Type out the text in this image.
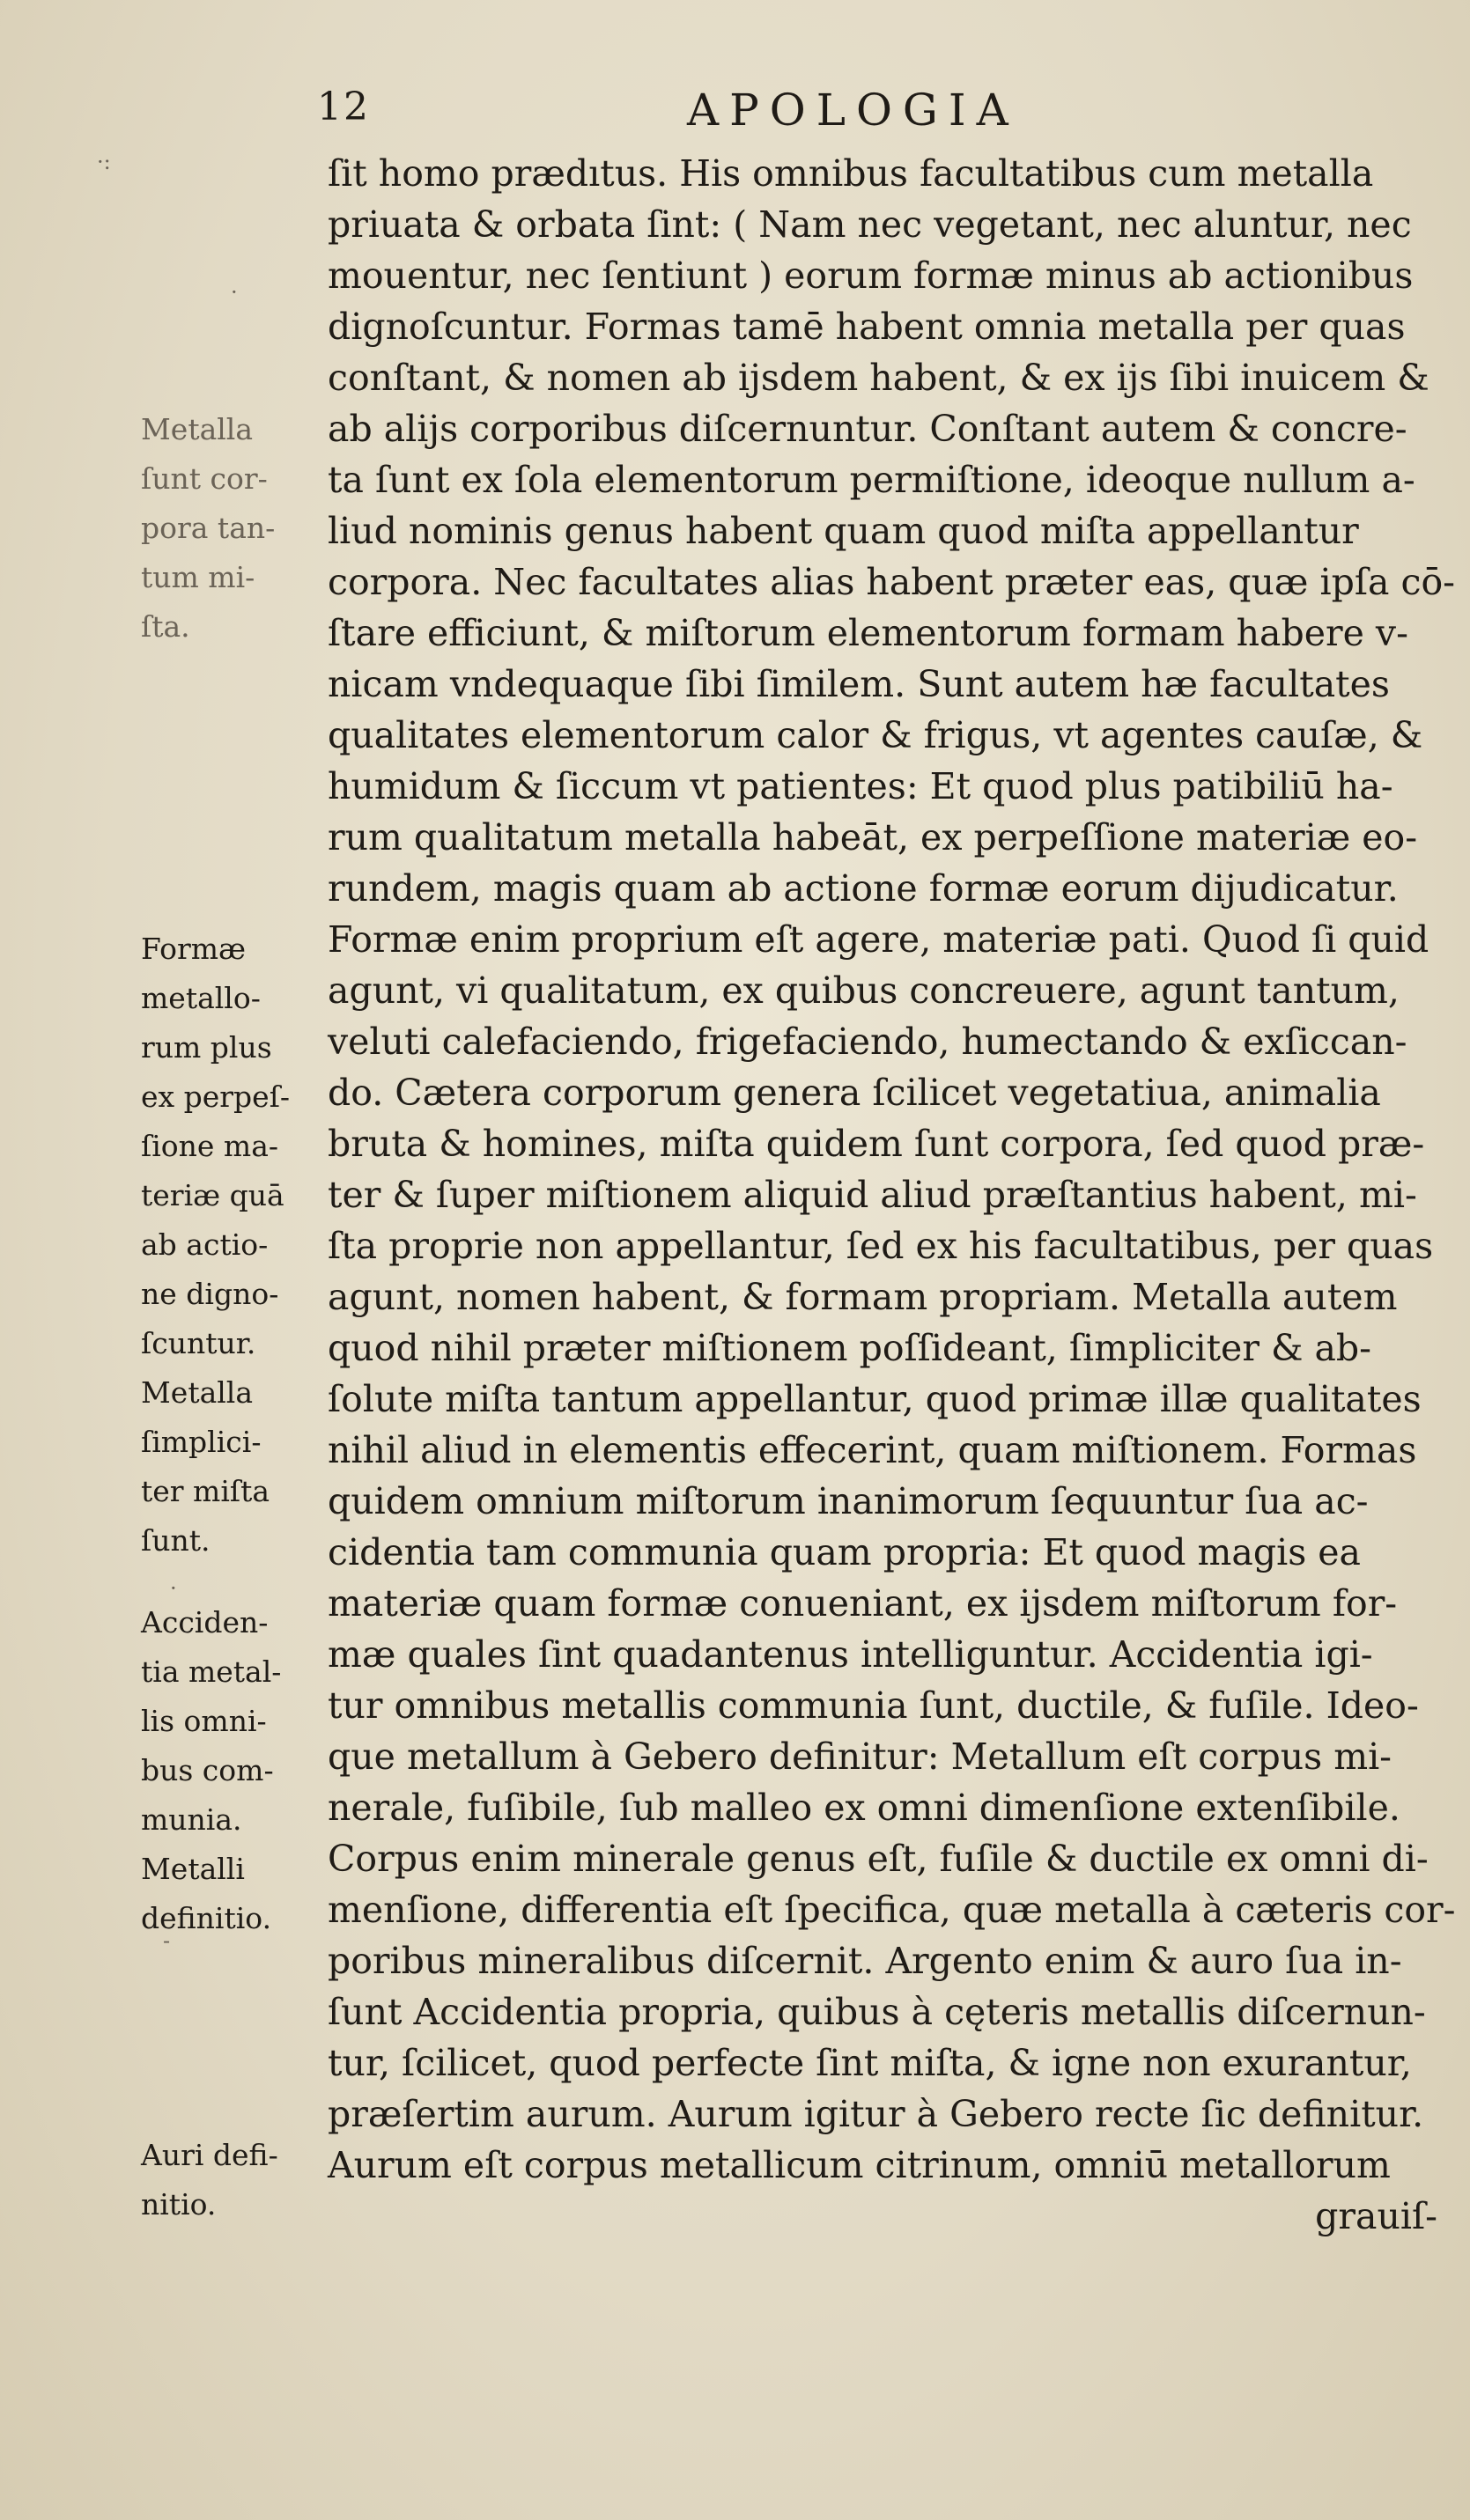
12	APOLOGIA
ſit homo prædıtus. His omnibus facultatibus cum metalla
priuata & orbata ſint: ( Nam nec vegetant, nec aluntur, nec
mouentur, nec ſentiunt ) eorum formæ minus ab actionibus
dignoſcuntur. Formas tamē habent omnia metalla per quas
conſtant, & nomen ab ijsdem habent, & ex ijs ſibi inuicem &
ab alijs corporibus diſcernuntur. Conſtant autem & concre-
ta ſunt ex ſola elementorum permiſtione, ideoque nullum a-
liud nominis genus habent quam quod miſta appellantur
corpora. Nec facultates alias habent præter eas, quæ ipſa cō-
ſtare efficiunt, & miſtorum elementorum formam habere v-
nicam vndequaque ſibi ſimilem. Sunt autem hæ facultates
qualitates elementorum calor & frigus, vt agentes cauſæ, &
humidum & ſiccum vt patientes: Et quod plus patibiliū ha-
rum qualitatum metalla habeāt, ex perpeſſione materiæ eo-
rundem, magis quam ab actione formæ eorum dijudicatur.
Formæ enim proprium eſt agere, materiæ pati. Quod ſi quid
agunt, vi qualitatum, ex quibus concreuere, agunt tantum,
veluti calefaciendo, frigefaciendo, humectando & exſiccan-
do. Cætera corporum genera ſcilicet vegetatiua, animalia
bruta & homines, miſta quidem ſunt corpora, ſed quod præ-
ter & ſuper miſtionem aliquid aliud præſtantius habent, mi-
ſta proprie non appellantur, ſed ex his facultatibus, per quas
agunt, nomen habent, & formam propriam. Metalla autem
quod nihil præter miſtionem poſſideant, ſimpliciter & ab-
ſolute miſta tantum appellantur, quod primæ illæ qualitates
nihil aliud in elementis effecerint, quam miſtionem. Formas
quidem omnium miſtorum inanimorum ſequuntur ſua ac-
cidentia tam communia quam propria: Et quod magis ea
materiæ quam formæ conueniant, ex ijsdem miſtorum for-
mæ quales ſint quadantenus intelliguntur. Accidentia igi-
tur omnibus metallis communia ſunt, ductile, & fuſile. Ideo-
que metallum à Gebero definitur: Metallum eſt corpus mi-
nerale, fuſibile, ſub malleo ex omni dimenſione extenſibile.
Corpus enim minerale genus eſt, fuſile & ductile ex omni di-
menſione, differentia eſt ſpecifica, quæ metalla à cæteris cor-
poribus mineralibus diſcernit. Argento enim & auro ſua in-
ſunt Accidentia propria, quibus à cęteris metallis diſcernun-
tur, ſcilicet, quod perfecte ſint miſta, & igne non exurantur,
præſertim aurum. Aurum igitur à Gebero recte ſic definitur.
Aurum eſt corpus metallicum citrinum, omniū metallorum
grauiſ-
Metalla
ſunt cor-
pora tan-
tum mi-
ſta.
Formæ
metallo-
rum plus
ex perpeſ-
ſione ma-
teriæ quā
ab actio-
ne digno-
ſcuntur.
Metalla
ſimplici-
ter miſta
ſunt.
Acciden-
tia metal-
lis omni-
bus com-
munia.
Metalli
definitio.
Auri defi-
nitio.
·:
·
·
-
